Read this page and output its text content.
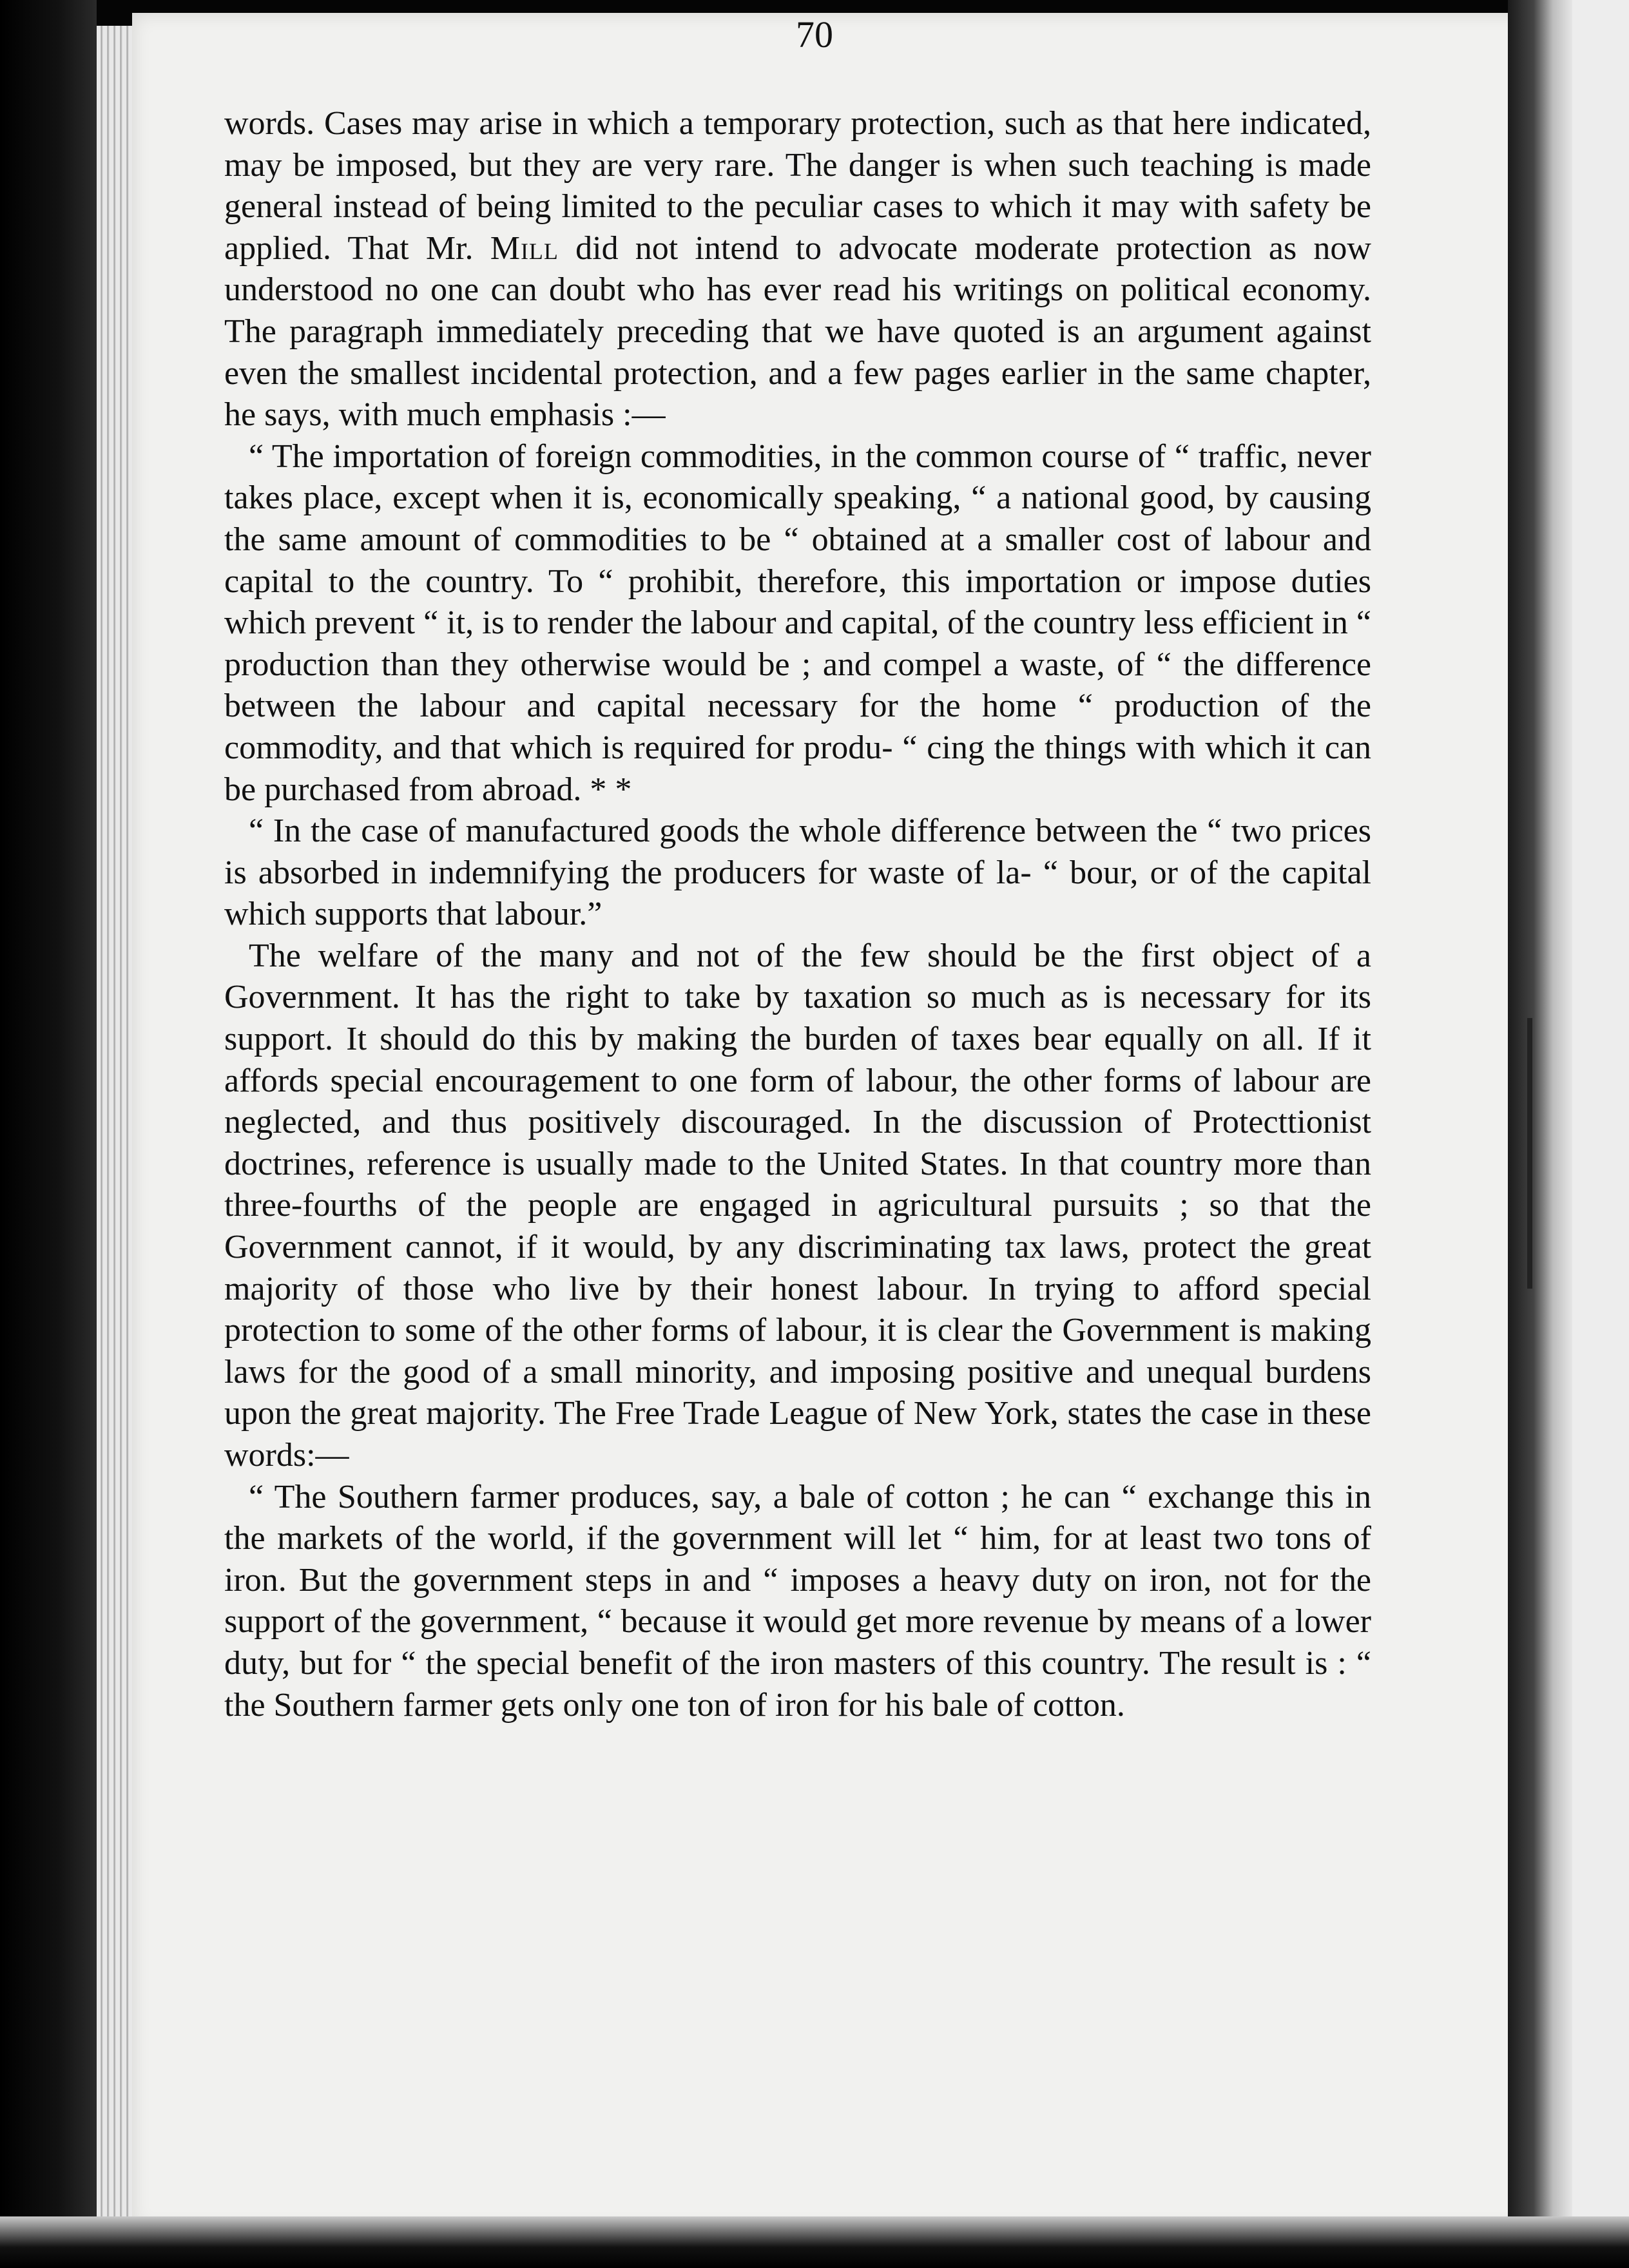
70

words. Cases may arise in which a temporary protection, such as that here indicated, may be imposed, but they are very rare. The danger is when such teaching is made general instead of being limited to the peculiar cases to which it may with safety be applied. That Mr. Mill did not intend to advocate moderate protection as now understood no one can doubt who has ever read his writings on political economy. The paragraph immediately preceding that we have quoted is an argument against even the smallest incidental protection, and a few pages earlier in the same chapter, he says, with much emphasis :—

“ The importation of foreign commodities, in the common course of “ traffic, never takes place, except when it is, economically speaking, “ a national good, by causing the same amount of commodities to be “ obtained at a smaller cost of labour and capital to the country. To “ prohibit, therefore, this importation or impose duties which prevent “ it, is to render the labour and capital, of the country less efficient in “ production than they otherwise would be ; and compel a waste, of “ the difference between the labour and capital necessary for the home “ production of the commodity, and that which is required for produ- “ cing the things with which it can be purchased from abroad. * *

“ In the case of manufactured goods the whole difference between the “ two prices is absorbed in indemnifying the producers for waste of la- “ bour, or of the capital which supports that labour.”

The welfare of the many and not of the few should be the first object of a Government. It has the right to take by taxation so much as is necessary for its support. It should do this by making the burden of taxes bear equally on all. If it affords special encouragement to one form of labour, the other forms of labour are neglected, and thus positively discouraged. In the discussion of Protecttionist doctrines, reference is usually made to the United States. In that country more than three-fourths of the people are engaged in agricultural pursuits ; so that the Government cannot, if it would, by any discriminating tax laws, protect the great majority of those who live by their honest labour. In trying to afford special protection to some of the other forms of labour, it is clear the Government is making laws for the good of a small minority, and imposing positive and unequal burdens upon the great majority. The Free Trade League of New York, states the case in these words:—

“ The Southern farmer produces, say, a bale of cotton ; he can “ exchange this in the markets of the world, if the government will let “ him, for at least two tons of iron. But the government steps in and “ imposes a heavy duty on iron, not for the support of the government, “ because it would get more revenue by means of a lower duty, but for “ the special benefit of the iron masters of this country. The result is : “ the Southern farmer gets only one ton of iron for his bale of cotton.
